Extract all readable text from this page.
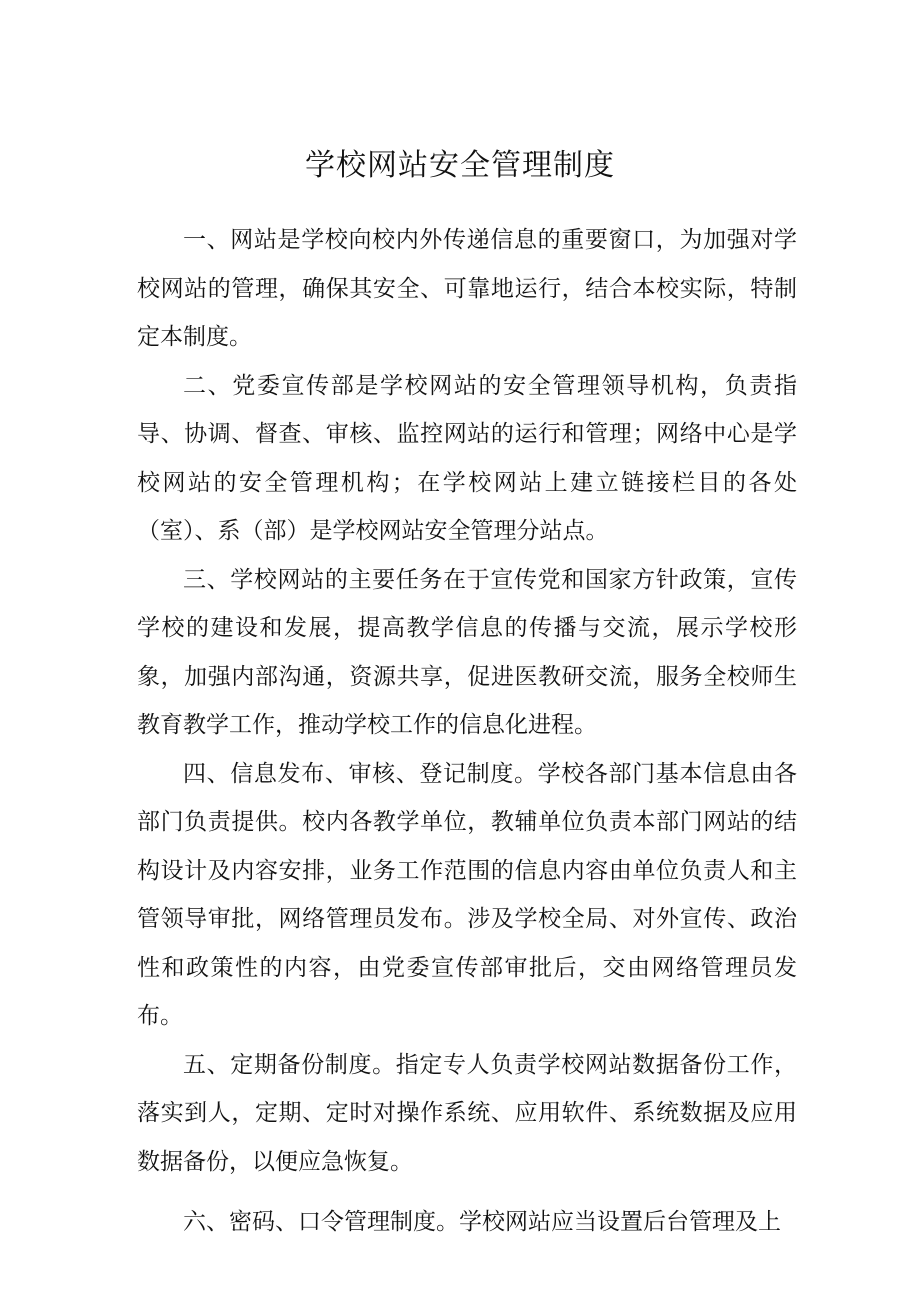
学校网站安全管理制度

一、网站是学校向校内外传递信息的重要窗口，为加强对学校网站的管理，确保其安全、可靠地运行，结合本校实际，特制定本制度。

二、党委宣传部是学校网站的安全管理领导机构，负责指导、协调、督查、审核、监控网站的运行和管理；网络中心是学校网站的安全管理机构；在学校网站上建立链接栏目的各处（室）、系（部）是学校网站安全管理分站点。

三、学校网站的主要任务在于宣传党和国家方针政策，宣传学校的建设和发展，提高教学信息的传播与交流，展示学校形象，加强内部沟通，资源共享，促进医教研交流，服务全校师生教育教学工作，推动学校工作的信息化进程。

四、信息发布、审核、登记制度。学校各部门基本信息由各部门负责提供。校内各教学单位，教辅单位负责本部门网站的结构设计及内容安排，业务工作范围的信息内容由单位负责人和主管领导审批，网络管理员发布。涉及学校全局、对外宣传、政治性和政策性的内容，由党委宣传部审批后，交由网络管理员发布。

五、定期备份制度。指定专人负责学校网站数据备份工作，落实到人，定期、定时对操作系统、应用软件、系统数据及应用数据备份，以便应急恢复。

六、密码、口令管理制度。学校网站应当设置后台管理及上
